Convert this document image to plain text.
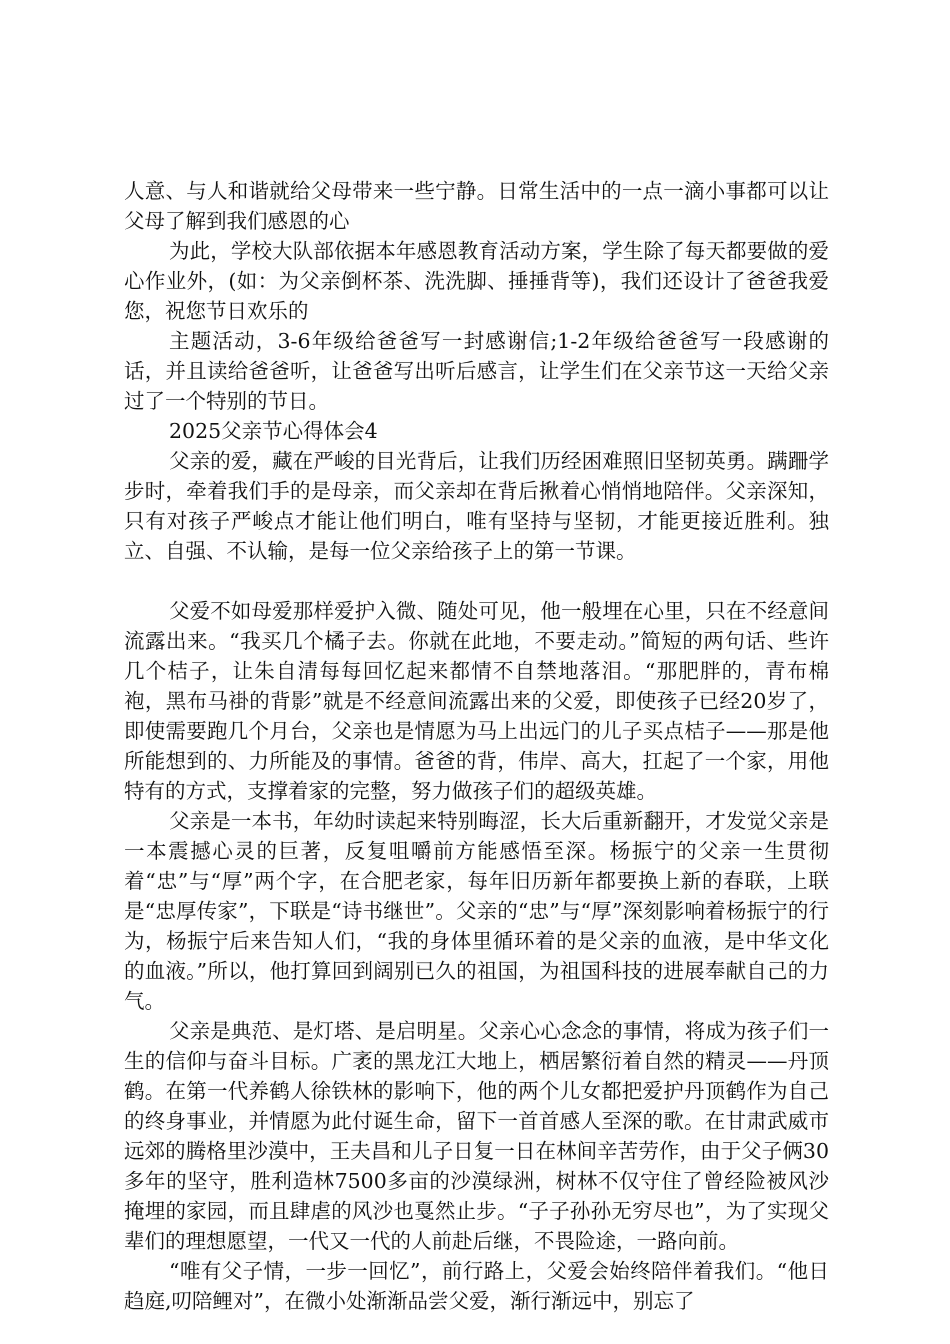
人意、与人和谐就给父母带来一些宁静。日常生活中的一点一滴小事都可以让父母了解到我们感恩的心

为此，学校大队部依据本年感恩教育活动方案，学生除了每天都要做的爱心作业外，(如：为父亲倒杯茶、洗洗脚、捶捶背等)，我们还设计了爸爸我爱您，祝您节日欢乐的

主题活动，3-6年级给爸爸写一封感谢信;1-2年级给爸爸写一段感谢的话，并且读给爸爸听，让爸爸写出听后感言，让学生们在父亲节这一天给父亲过了一个特别的节日。

2025父亲节心得体会4

父亲的爱，藏在严峻的目光背后，让我们历经困难照旧坚韧英勇。蹒跚学步时，牵着我们手的是母亲，而父亲却在背后揪着心悄悄地陪伴。父亲深知，只有对孩子严峻点才能让他们明白，唯有坚持与坚韧，才能更接近胜利。独立、自强、不认输，是每一位父亲给孩子上的第一节课。

父爱不如母爱那样爱护入微、随处可见，他一般埋在心里，只在不经意间流露出来。“我买几个橘子去。你就在此地，不要走动。”简短的两句话、些许几个桔子，让朱自清每每回忆起来都情不自禁地落泪。“那肥胖的，青布棉袍，黑布马褂的背影”就是不经意间流露出来的父爱，即使孩子已经20岁了，即使需要跑几个月台，父亲也是情愿为马上出远门的儿子买点桔子——那是他所能想到的、力所能及的事情。爸爸的背，伟岸、高大，扛起了一个家，用他特有的方式，支撑着家的完整，努力做孩子们的超级英雄。

父亲是一本书，年幼时读起来特别晦涩，长大后重新翻开，才发觉父亲是一本震撼心灵的巨著，反复咀嚼前方能感悟至深。杨振宁的父亲一生贯彻着“忠”与“厚”两个字，在合肥老家，每年旧历新年都要换上新的春联，上联是“忠厚传家”，下联是“诗书继世”。父亲的“忠”与“厚”深刻影响着杨振宁的行为，杨振宁后来告知人们，“我的身体里循环着的是父亲的血液，是中华文化的血液。”所以，他打算回到阔别已久的祖国，为祖国科技的进展奉献自己的力气。

父亲是典范、是灯塔、是启明星。父亲心心念念的事情，将成为孩子们一生的信仰与奋斗目标。广袤的黑龙江大地上，栖居繁衍着自然的精灵——丹顶鹤。在第一代养鹤人徐铁林的影响下，他的两个儿女都把爱护丹顶鹤作为自己的终身事业，并情愿为此付诞生命，留下一首首感人至深的歌。在甘肃武威市远郊的腾格里沙漠中，王夫昌和儿子日复一日在林间辛苦劳作，由于父子俩30多年的坚守，胜利造林7500多亩的沙漠绿洲，树林不仅守住了曾经险被风沙掩埋的家园，而且肆虐的风沙也戛然止步。“子子孙孙无穷尽也”，为了实现父辈们的理想愿望，一代又一代的人前赴后继，不畏险途，一路向前。

“唯有父子情，一步一回忆”，前行路上，父爱会始终陪伴着我们。“他日趋庭,叨陪鲤对”，在微小处渐渐品尝父爱，渐行渐远中，别忘了
